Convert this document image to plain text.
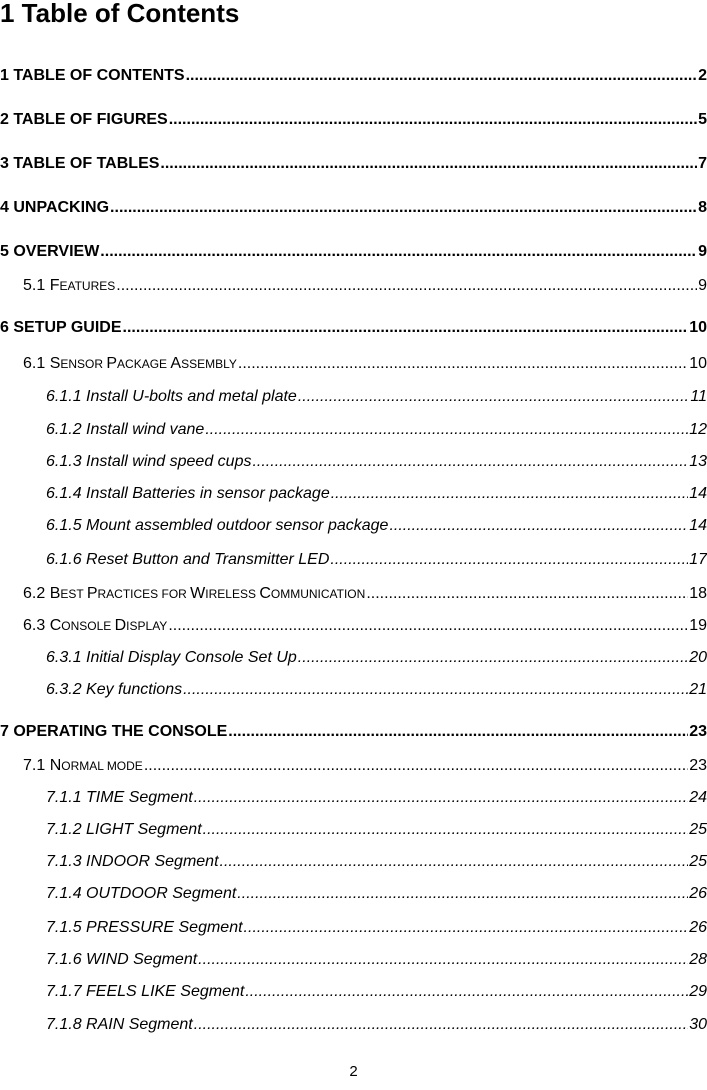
1 Table of Contents
1 TABLE OF CONTENTS .....	2
2 TABLE OF FIGURES .....	5
3 TABLE OF TABLES .....	7
4 UNPACKING .....	8
5 OVERVIEW .....	9
5.1 FEATURES .....	9
6 SETUP GUIDE .....	10
6.1 SENSOR PACKAGE ASSEMBLY .....	10
6.1.1 Install U-bolts and metal plate .....	11
6.1.2 Install wind vane .....	12
6.1.3 Install wind speed cups .....	13
6.1.4 Install Batteries in sensor package .....	14
6.1.5 Mount assembled outdoor sensor package .....	14
6.1.6 Reset Button and Transmitter LED .....	17
6.2 BEST PRACTICES FOR WIRELESS COMMUNICATION .....	18
6.3 CONSOLE DISPLAY .....	19
6.3.1 Initial Display Console Set Up .....	20
6.3.2 Key functions .....	21
7 OPERATING THE CONSOLE .....	23
7.1 NORMAL MODE .....	23
7.1.1 TIME Segment .....	24
7.1.2 LIGHT Segment .....	25
7.1.3 INDOOR Segment .....	25
7.1.4 OUTDOOR Segment .....	26
7.1.5 PRESSURE Segment .....	26
7.1.6 WIND Segment .....	28
7.1.7 FEELS LIKE Segment .....	29
7.1.8 RAIN Segment .....	30
2
